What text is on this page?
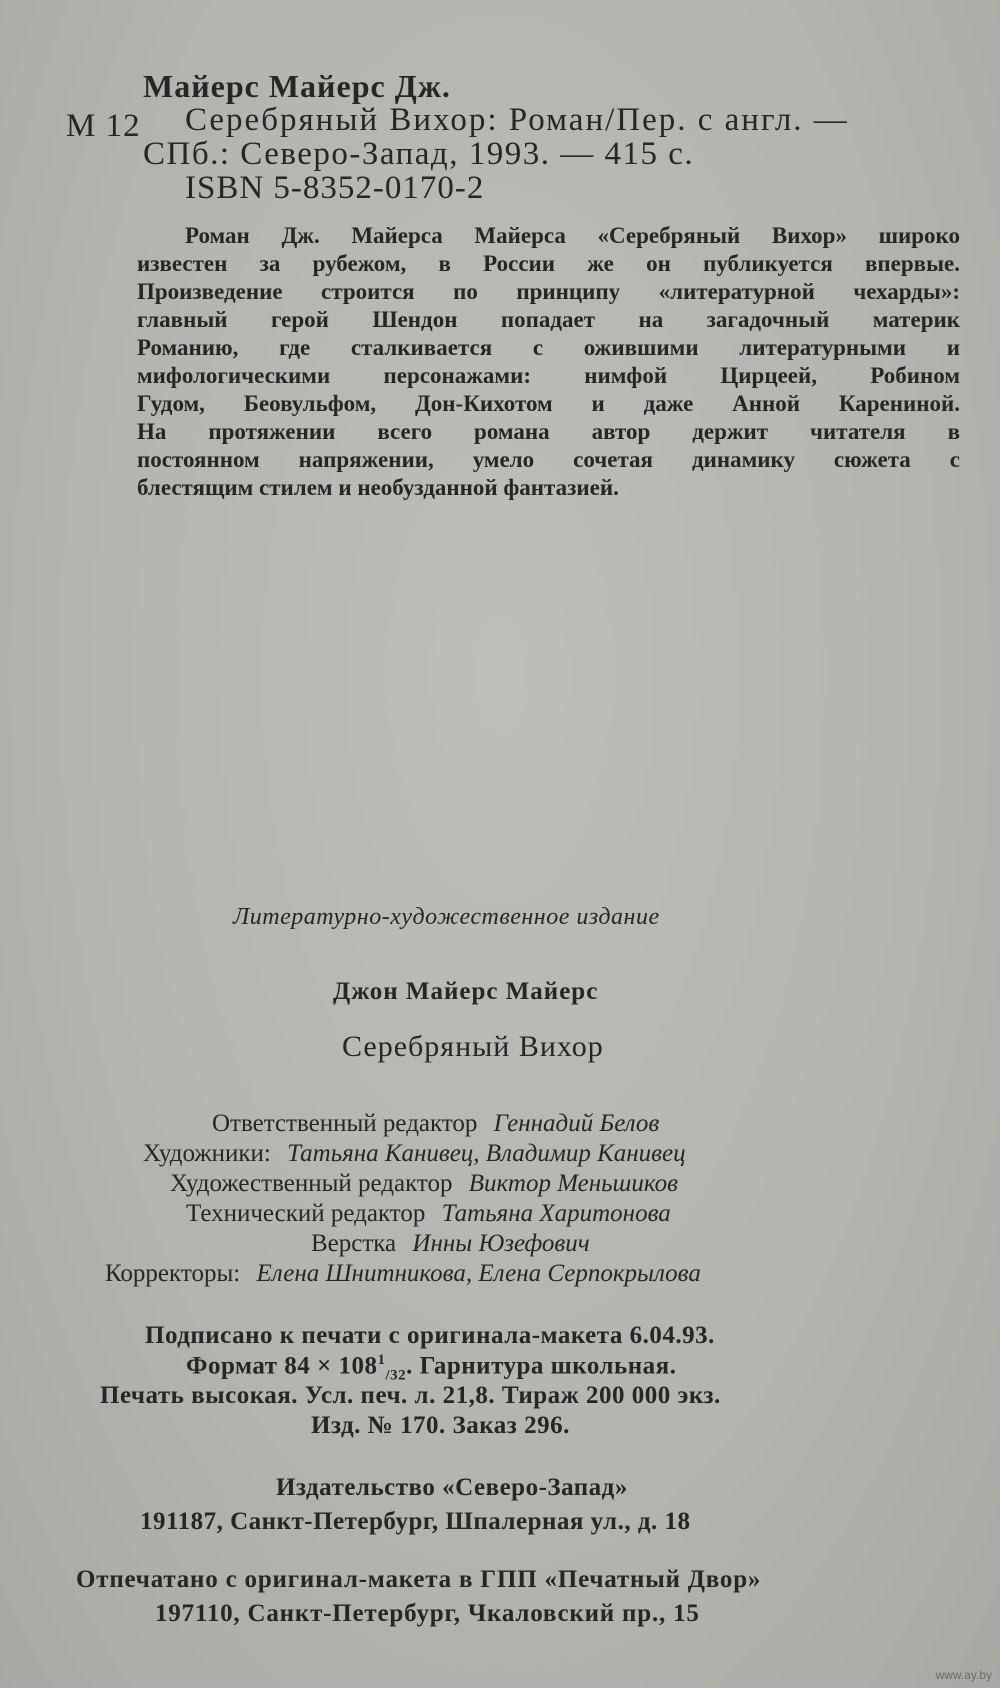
Майерс Майерс Дж.
М 12 Серебряный Вихор: Роман/Пер. с англ. —
СПб.: Северо-Запад, 1993. — 415 с.
ISBN 5-8352-0170-2
Роман Дж. Майерса Майерса «Серебряный Вихор» широко
известен за рубежом, в России же он публикуется впервые.
Произведение строится по принципу «литературной чехарды»:
главный герой Шендон попадает на загадочный материк
Романию, где сталкивается с ожившими литературными и
мифологическими персонажами: нимфой Цирцеей, Робином
Гудом, Беовульфом, Дон-Кихотом и даже Анной Карениной.
На протяжении всего романа автор держит читателя в
постоянном напряжении, умело сочетая динамику сюжета с
блестящим стилем и необузданной фантазией.
Литературно-художественное издание
Джон Майерс Майерс
Серебряный Вихор
Ответственный редактор Геннадий Белов
Художники: Татьяна Канивец, Владимир Канивец
Художественный редактор Виктор Меньшиков
Технический редактор Татьяна Харитонова
Верстка Инны Юзефович
Корректоры: Елена Шнитникова, Елена Серпокрылова
Подписано к печати с оригинала-макета 6.04.93.
Формат $84 \times 108^1_{/32}$. Гарнитура школьная.
Печать высокая. Усл. печ. л. 21,8. Тираж 200 000 экз.
Изд. № 170. Заказ 296.
Издательство «Северо-Запад»
191187, Санкт-Петербург, Шпалерная ул., д. 18
Отпечатано с оригинал-макета в ГПП «Печатный Двор»
197110, Санкт-Петербург, Чкаловский пр., 15
www.ay.by
